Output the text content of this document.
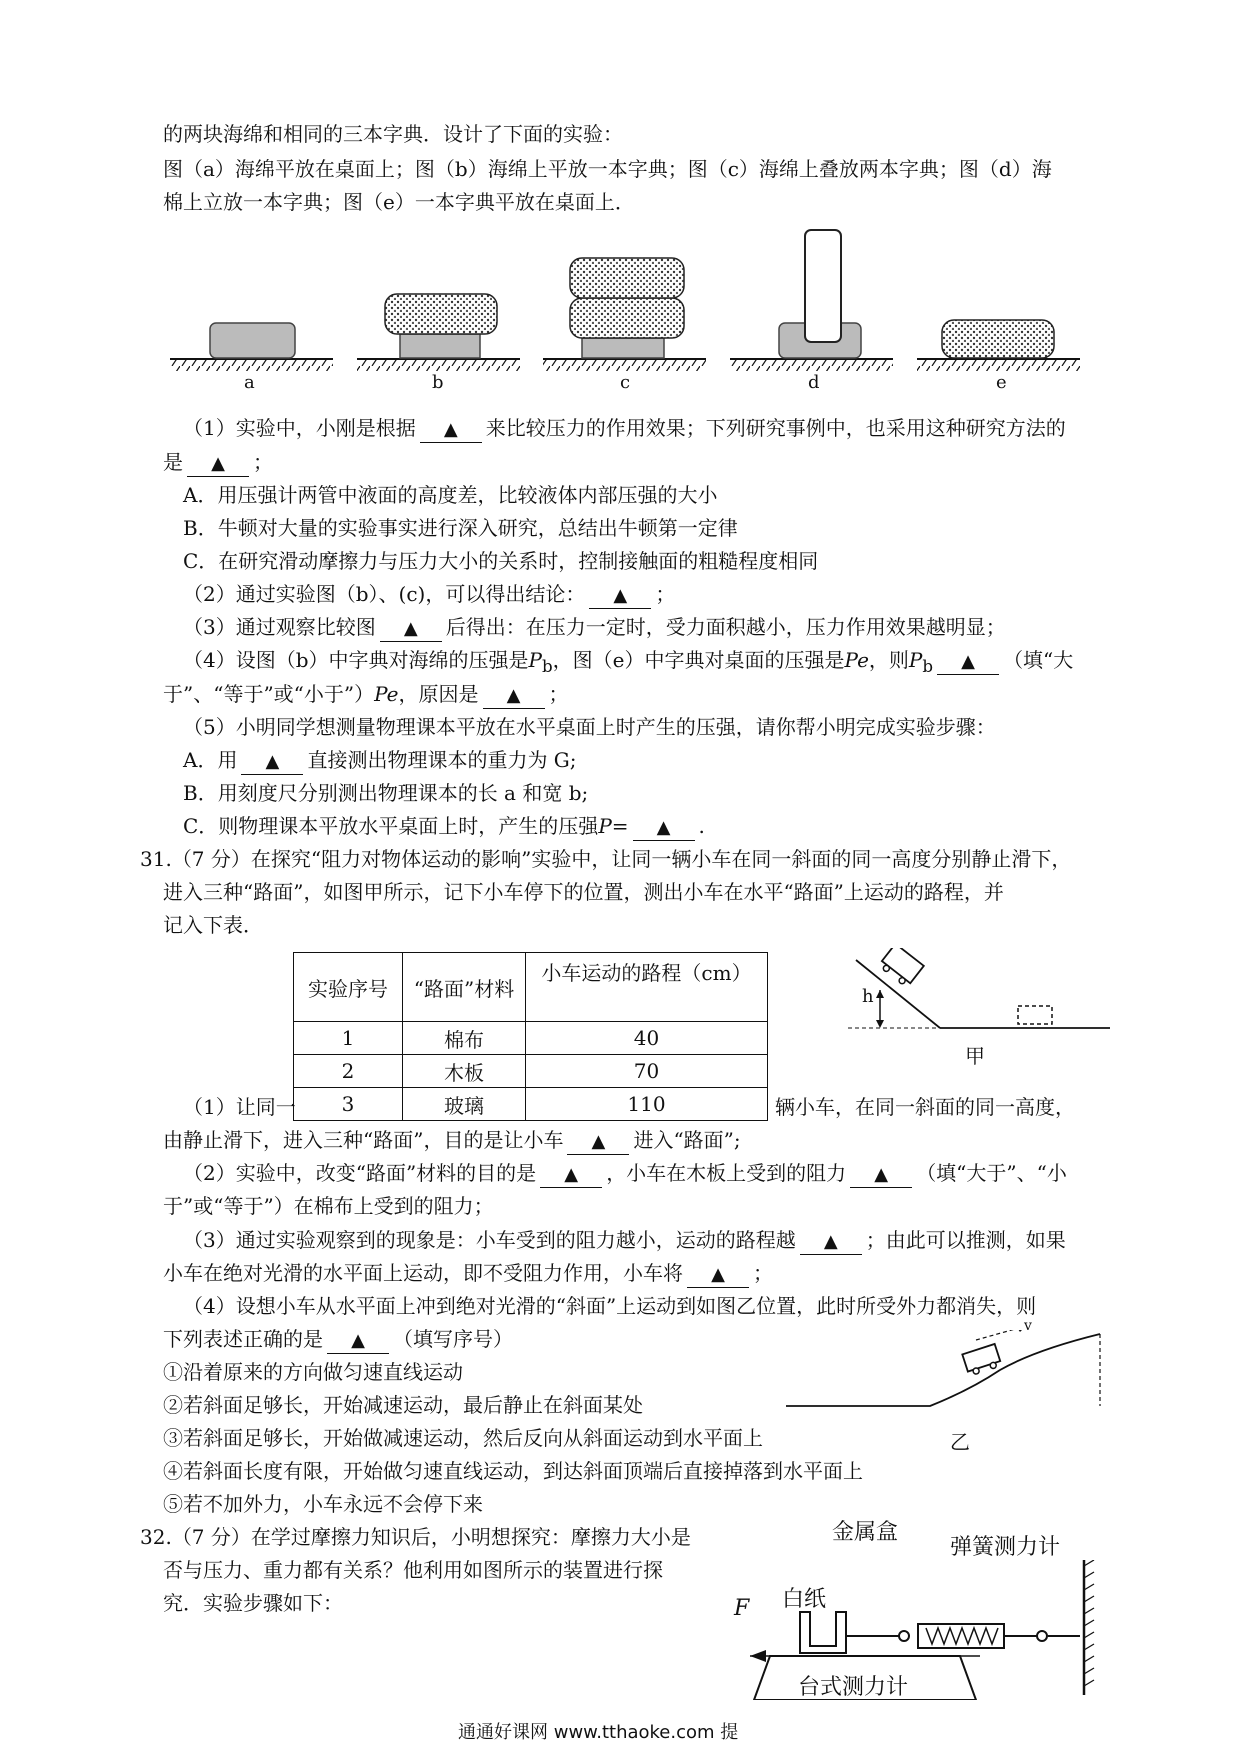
的两块海绵和相同的三本字典．设计了下面的实验：
图（a）海绵平放在桌面上；图（b）海绵上平放一本字典；图（c）海绵上叠放两本字典；图（d）海
棉上立放一本字典；图（e）一本字典平放在桌面上．
a	b	c	d	e
（1）实验中，小刚是根据 ▲ 来比较压力的作用效果；下列研究事例中，也采用这种研究方法的
是 ▲ ；
A．用压强计两管中液面的高度差，比较液体内部压强的大小
B．牛顿对大量的实验事实进行深入研究，总结出牛顿第一定律
C．在研究滑动摩擦力与压力大小的关系时，控制接触面的粗糙程度相同
（2）通过实验图（b）、(c)，可以得出结论： ▲ ；
（3）通过观察比较图 ▲ 后得出：在压力一定时，受力面积越小，压力作用效果越明显；
（4）设图（b）中字典对海绵的压强是$P_b$，图（e）中字典对桌面的压强是Pe，则$P_b$ ▲ （填“大
于”、“等于”或“小于”）Pe，原因是 ▲ ；
（5）小明同学想测量物理课本平放在水平桌面上时产生的压强，请你帮小明完成实验步骤：
A．用 ▲ 直接测出物理课本的重力为 G;
B．用刻度尺分别测出物理课本的长 a 和宽 b;
C．则物理课本平放水平桌面上时，产生的压强P= ▲ .
31.（7 分）在探究“阻力对物体运动的影响”实验中，让同一辆小车在同一斜面的同一高度分别静止滑下，
进入三种“路面”，如图甲所示，记下小车停下的位置，测出小车在水平“路面”上运动的路程，并
记入下表．
实验序号	“路面”材料	小车运动的路程（cm）
1	棉布	40
2	木板	70
3	玻璃	110
h
甲
（1）让同一	辆小车，在同一斜面的同一高度，
由静止滑下，进入三种“路面”，目的是让小车 ▲ 进入“路面”;
（2）实验中，改变“路面”材料的目的是 ▲ ，小车在木板上受到的阻力 ▲ （填“大于”、“小
于”或“等于”）在棉布上受到的阻力；
（3）通过实验观察到的现象是：小车受到的阻力越小，运动的路程越 ▲ ；由此可以推测，如果
小车在绝对光滑的水平面上运动，即不受阻力作用，小车将 ▲ ；
（4）设想小车从水平面上冲到绝对光滑的“斜面”上运动到如图乙位置，此时所受外力都消失，则
下列表述正确的是 ▲ （填写序号）
①沿着原来的方向做匀速直线运动
②若斜面足够长，开始减速运动，最后静止在斜面某处
③若斜面足够长，开始做减速运动，然后反向从斜面运动到水平面上
④若斜面长度有限，开始做匀速直线运动，到达斜面顶端后直接掉落到水平面上
⑤若不加外力，小车永远不会停下来
v
乙
32.（7 分）在学过摩擦力知识后，小明想探究：摩擦力大小是
否与压力、重力都有关系？他利用如图所示的装置进行探
究．实验步骤如下：
金属盒
弹簧测力计
白纸
F
台式测力计
通通好课网 www.tthaoke.com 提
